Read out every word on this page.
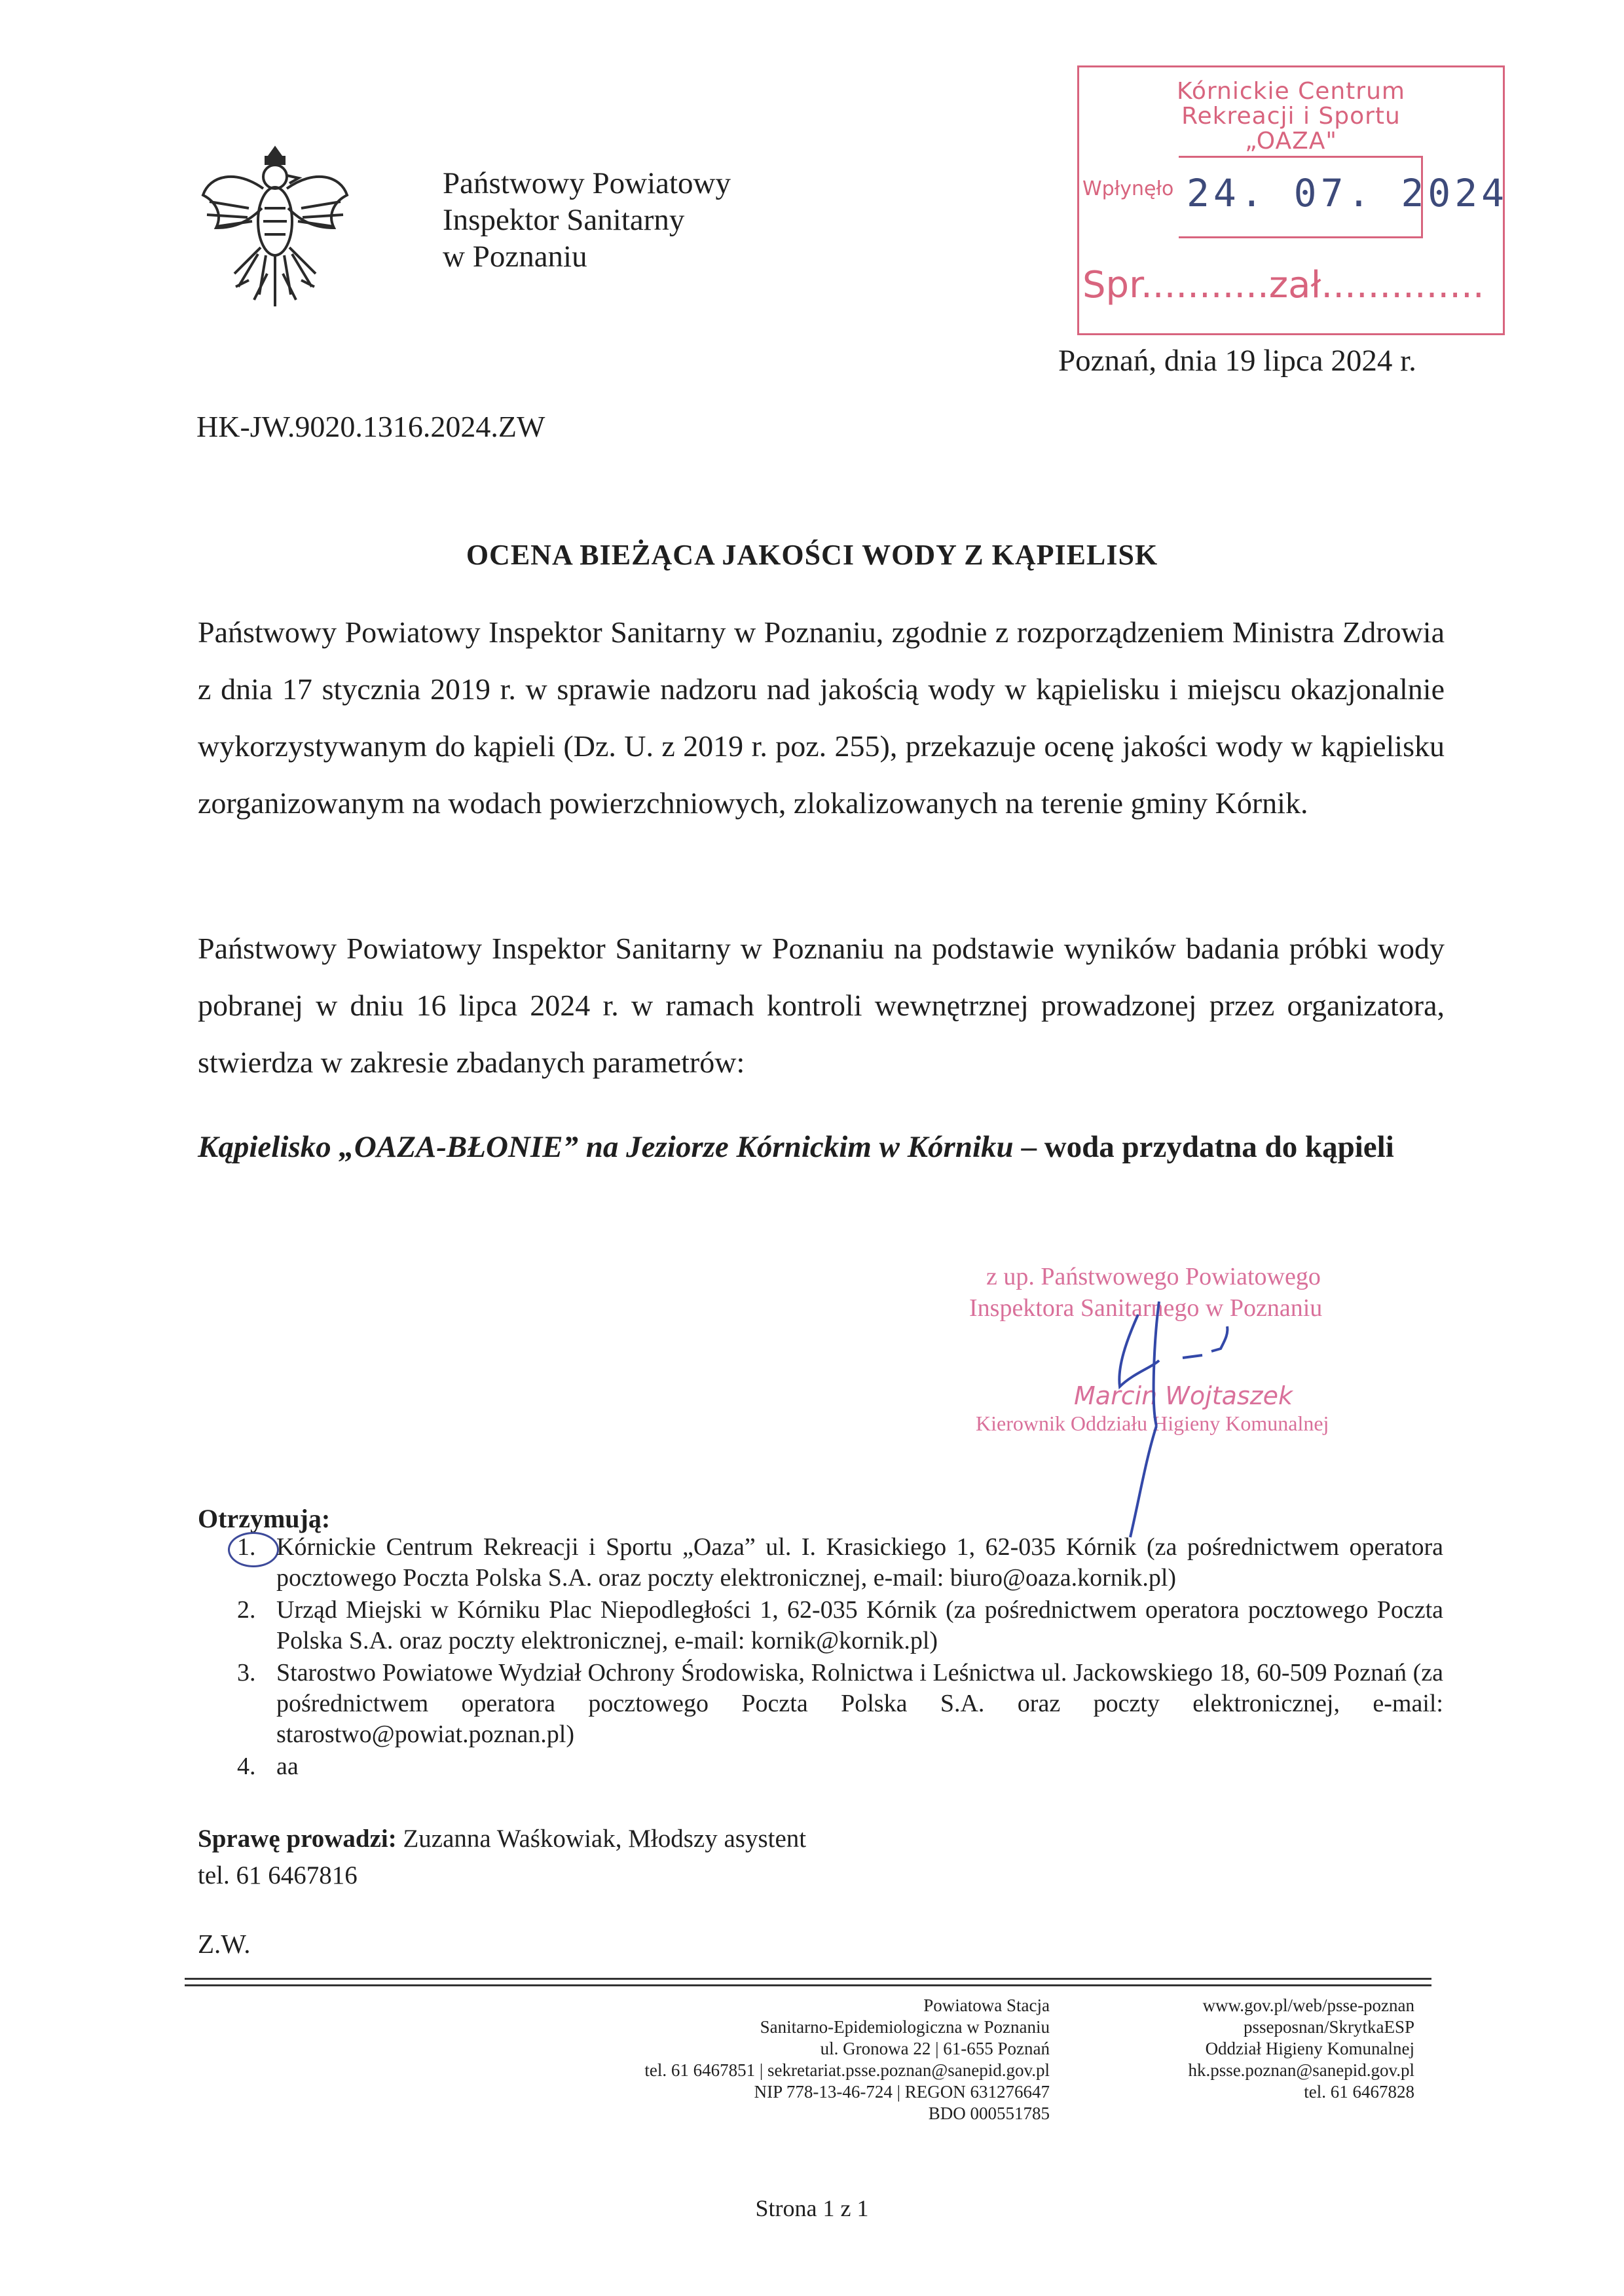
Państwowy Powiatowy
Inspektor Sanitarny
w Poznaniu
Kórnickie Centrum
Rekreacji i Sportu
„OAZA"
Wpłynęło 24. 07. 2024
Spr...........zał..............
Poznań, dnia 19 lipca 2024 r.
HK-JW.9020.1316.2024.ZW
OCENA BIEŻĄCA JAKOŚCI WODY Z KĄPIELISK
Państwowy Powiatowy Inspektor Sanitarny w Poznaniu, zgodnie z rozporządzeniem Ministra Zdrowia z dnia 17 stycznia 2019 r. w sprawie nadzoru nad jakością wody w kąpielisku i miejscu okazjonalnie wykorzystywanym do kąpieli (Dz. U. z 2019 r. poz. 255), przekazuje ocenę jakości wody w kąpielisku zorganizowanym na wodach powierzchniowych, zlokalizowanych na terenie gminy Kórnik.
Państwowy Powiatowy Inspektor Sanitarny w Poznaniu na podstawie wyników badania próbki wody pobranej w dniu 16 lipca 2024 r. w ramach kontroli wewnętrznej prowadzonej przez organizatora, stwierdza w zakresie zbadanych parametrów:
Kąpielisko „OAZA-BŁONIE” na Jeziorze Kórnickim w Kórniku – woda przydatna do kąpieli
z up. Państwowego Powiatowego
Inspektora Sanitarnego w Poznaniu
Marcin Wojtaszek
Kierownik Oddziału Higieny Komunalnej
Otrzymują:
1. Kórnickie Centrum Rekreacji i Sportu „Oaza” ul. I. Krasickiego 1, 62-035 Kórnik (za pośrednictwem operatora pocztowego Poczta Polska S.A. oraz poczty elektronicznej, e-mail: biuro@oaza.kornik.pl)
2. Urząd Miejski w Kórniku Plac Niepodległości 1, 62-035 Kórnik (za pośrednictwem operatora pocztowego Poczta Polska S.A. oraz poczty elektronicznej, e-mail: kornik@kornik.pl)
3. Starostwo Powiatowe Wydział Ochrony Środowiska, Rolnictwa i Leśnictwa ul. Jackowskiego 18, 60-509 Poznań (za pośrednictwem operatora pocztowego Poczta Polska S.A. oraz poczty elektronicznej, e-mail: starostwo@powiat.poznan.pl)
4. aa
Sprawę prowadzi: Zuzanna Waśkowiak, Młodszy asystent
tel. 61 6467816
Z.W.
Powiatowa Stacja
Sanitarno-Epidemiologiczna w Poznaniu
ul. Gronowa 22 | 61-655 Poznań
tel. 61 6467851 | sekretariat.psse.poznan@sanepid.gov.pl
NIP 778-13-46-724 | REGON 631276647
BDO 000551785
www.gov.pl/web/psse-poznan
psseposnan/SkrytkaESP
Oddział Higieny Komunalnej
hk.psse.poznan@sanepid.gov.pl
tel. 61 6467828
Strona 1 z 1
